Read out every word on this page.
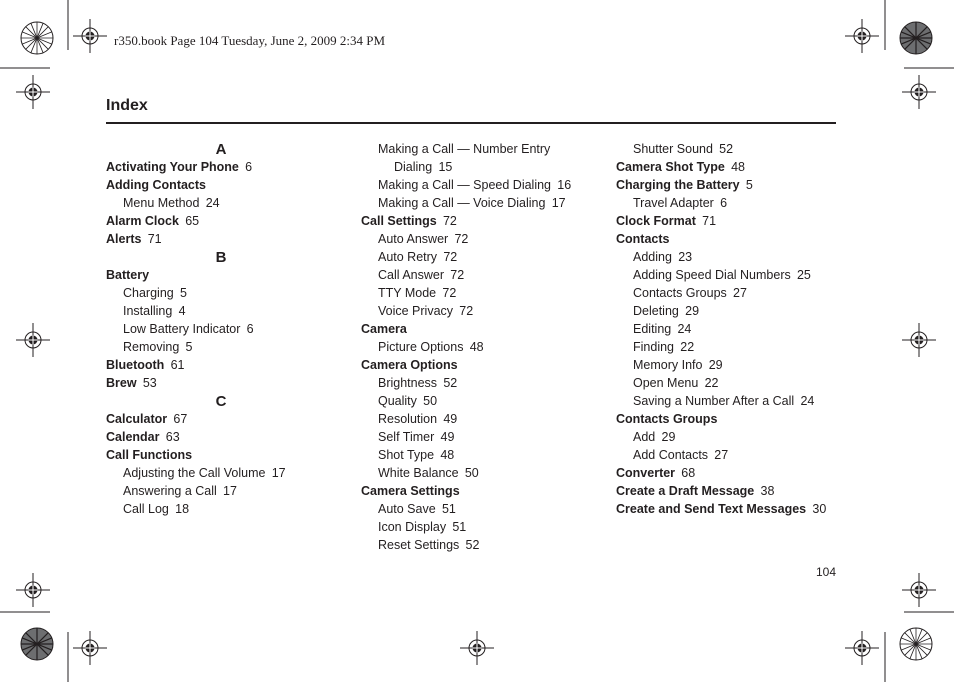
r350.book Page 104 Tuesday, June 2, 2009 2:34 PM
Index
A
Activating Your Phone 6
Adding Contacts
Menu Method 24
Alarm Clock 65
Alerts 71
B
Battery
Charging 5
Installing 4
Low Battery Indicator 6
Removing 5
Bluetooth 61
Brew 53
C
Calculator 67
Calendar 63
Call Functions
Adjusting the Call Volume 17
Answering a Call 17
Call Log 18
Making a Call — Number Entry
Dialing 15
Making a Call — Speed Dialing 16
Making a Call — Voice Dialing 17
Call Settings 72
Auto Answer 72
Auto Retry 72
Call Answer 72
TTY Mode 72
Voice Privacy 72
Camera
Picture Options 48
Camera Options
Brightness 52
Quality 50
Resolution 49
Self Timer 49
Shot Type 48
White Balance 50
Camera Settings
Auto Save 51
Icon Display 51
Reset Settings 52
Shutter Sound 52
Camera Shot Type 48
Charging the Battery 5
Travel Adapter 6
Clock Format 71
Contacts
Adding 23
Adding Speed Dial Numbers 25
Contacts Groups 27
Deleting 29
Editing 24
Finding 22
Memory Info 29
Open Menu 22
Saving a Number After a Call 24
Contacts Groups
Add 29
Add Contacts 27
Converter 68
Create a Draft Message 38
Create and Send Text Messages 30
104
